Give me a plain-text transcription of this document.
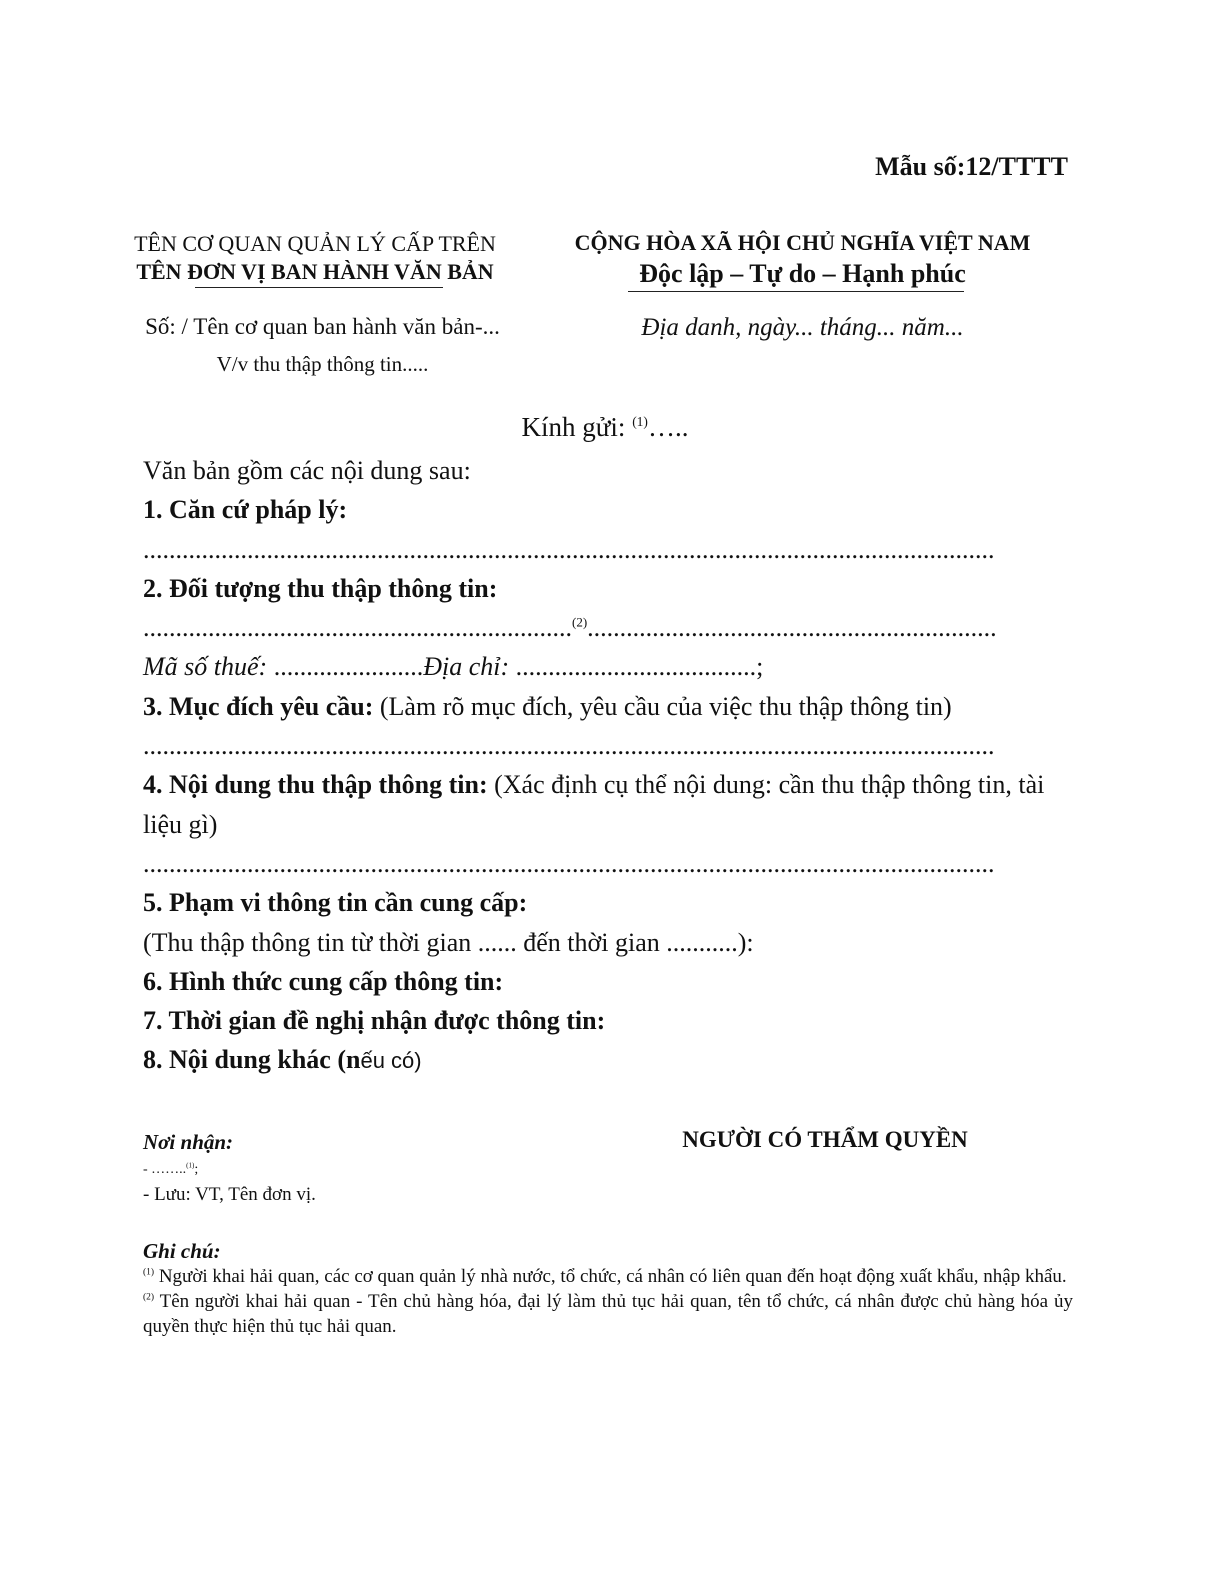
Mẫu số:12/TTTT
TÊN CƠ QUAN QUẢN LÝ CẤP TRÊN
TÊN ĐƠN VỊ BAN HÀNH VĂN BẢN
CỘNG HÒA XÃ HỘI CHỦ NGHĨA VIỆT NAM
Độc lập – Tự do – Hạnh phúc
Số: / Tên cơ quan ban hành văn bản-...
V/v thu thập thông tin.....
Địa danh, ngày... tháng... năm...
Kính gửi: $^{(1)}$…..

Văn bản gồm các nội dung sau:

1. Căn cứ pháp lý:

...................................................................................................................................

2. Đối tượng thu thập thông tin:

..................................................................$^{(2)}$...............................................................

Mã số thuế: .......................Địa chỉ: .....................................;

3. Mục đích yêu cầu: (Làm rõ mục đích, yêu cầu của việc thu thập thông tin)

...................................................................................................................................

4. Nội dung thu thập thông tin: (Xác định cụ thể nội dung: cần thu thập thông tin, tài liệu gì)

...................................................................................................................................

5. Phạm vi thông tin cần cung cấp:

(Thu thập thông tin từ thời gian ...... đến thời gian ...........):

6. Hình thức cung cấp thông tin:

7. Thời gian đề nghị nhận được thông tin:

8. Nội dung khác (nếu có)

Nơi nhận:	NGƯỜI CÓ THẨM QUYỀN
- ……..$^{(1)}$;
- Lưu: VT, Tên đơn vị.
Ghi chú:

$^{(1)}$ Người khai hải quan, các cơ quan quản lý nhà nước, tổ chức, cá nhân có liên quan đến hoạt động xuất khẩu, nhập khẩu.

$^{(2)}$ Tên người khai hải quan - Tên chủ hàng hóa, đại lý làm thủ tục hải quan, tên tổ chức, cá nhân được chủ hàng hóa ủy quyền thực hiện thủ tục hải quan.
